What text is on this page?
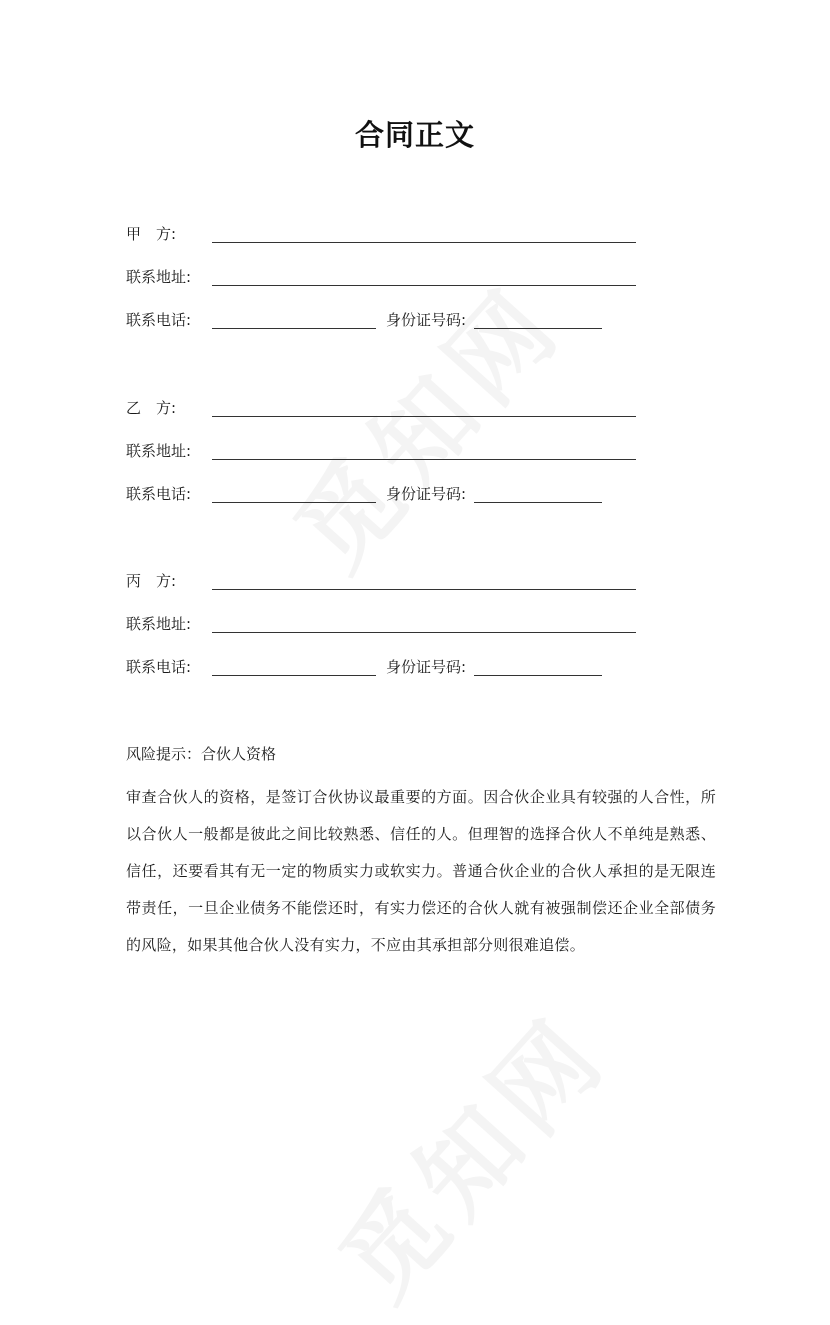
合同正文
甲　方:
联系地址:
联系电话:	身份证号码:
乙　方:
联系地址:
联系电话:	身份证号码:
丙　方:
联系地址:
联系电话:	身份证号码:
风险提示：合伙人资格
审查合伙人的资格，是签订合伙协议最重要的方面。因合伙企业具有较强的人合性，所以合伙人一般都是彼此之间比较熟悉、信任的人。但理智的选择合伙人不单纯是熟悉、信任，还要看其有无一定的物质实力或软实力。普通合伙企业的合伙人承担的是无限连带责任，一旦企业债务不能偿还时，有实力偿还的合伙人就有被强制偿还企业全部债务的风险，如果其他合伙人没有实力，不应由其承担部分则很难追偿。
